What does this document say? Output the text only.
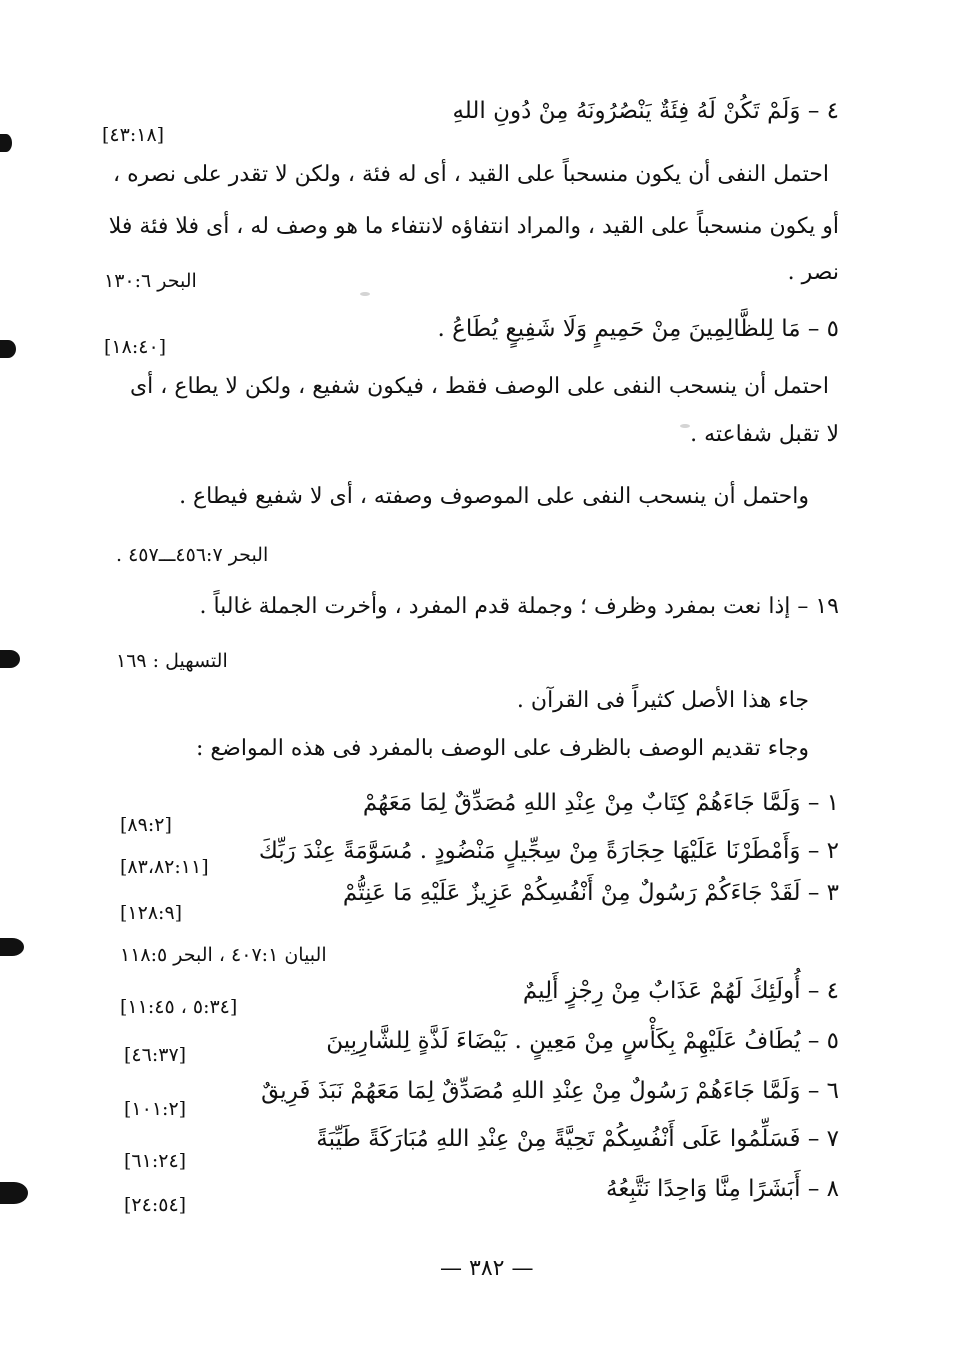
٤ – وَلَمْ تَكُنْ لَهُ فِئَةٌ يَنْصُرُونَهُ مِنْ دُونِ اللهِ
[٤٣:١٨]
احتمل النفى أن يكون منسحباً على القيد ، أى له فئة ، ولكن لا تقدر على نصره ،
أو يكون منسحباً على القيد ، والمراد انتفاؤه لانتفاء ما هو وصف له ، أى فلا فئة فلا
نصر .
البحر ١٣٠:٦
٥ – مَا لِلظَّالِمِينَ مِنْ حَمِيمٍ وَلَا شَفِيعٍ يُطَاعُ .
[١٨:٤٠]
احتمل أن ينسحب النفى على الوصف فقط ، فيكون شفيع ، ولكن لا يطاع ، أى
لا تقبل شفاعته .
واحتمل أن ينسحب النفى على الموصوف وصفته ، أى لا شفيع فيطاع .
البحر ٤٥٦:٧ـــ٤٥٧ .
١٩ – إذا نعت بمفرد وظرف ؛ وجملة قدم المفرد ، وأخرت الجملة غالباً .
التسهيل : ١٦٩
جاء هذا الأصل كثيراً فى القرآن .
وجاء تقديم الوصف بالظرف على الوصف بالمفرد فى هذه المواضع :
١ – وَلَمَّا جَاءَهُمْ كِتَابٌ مِنْ عِنْدِ اللهِ مُصَدِّقٌ لِمَا مَعَهُمْ
[٨٩:٢]
٢ – وَأَمْطَرْنَا عَلَيْهَا حِجَارَةً مِنْ سِجِّيلٍ مَنْضُودٍ . مُسَوَّمَةً عِنْدَ رَبِّكَ
[٨٣،٨٢:١١]
٣ – لَقَدْ جَاءَكُمْ رَسُولٌ مِنْ أَنْفُسِكُمْ عَزِيزٌ عَلَيْهِ مَا عَنِتُّمْ
[١٢٨:٩]
البيان ٤٠٧:١ ، البحر ١١٨:٥
٤ – أُولَئِكَ لَهُمْ عَذَابٌ مِنْ رِجْزٍ أَلِيمٌ
[٥:٣٤ ، ١١:٤٥]
٥ – يُطَافُ عَلَيْهِمْ بِكَأْسٍ مِنْ مَعِينٍ . بَيْضَاءَ لَذَّةٍ لِلشَّارِبِينَ
[٤٦:٣٧]
٦ – وَلَمَّا جَاءَهُمْ رَسُولٌ مِنْ عِنْدِ اللهِ مُصَدِّقٌ لِمَا مَعَهُمْ نَبَذَ فَرِيقٌ
[١٠١:٢]
٧ – فَسَلِّمُوا عَلَى أَنْفُسِكُمْ تَحِيَّةً مِنْ عِنْدِ اللهِ مُبَارَكَةً طَيِّبَةً
[٦١:٢٤]
٨ – أَبَشَرًا مِنَّا وَاحِدًا نَتَّبِعُهُ
[٢٤:٥٤]
— ٣٨٢ —
